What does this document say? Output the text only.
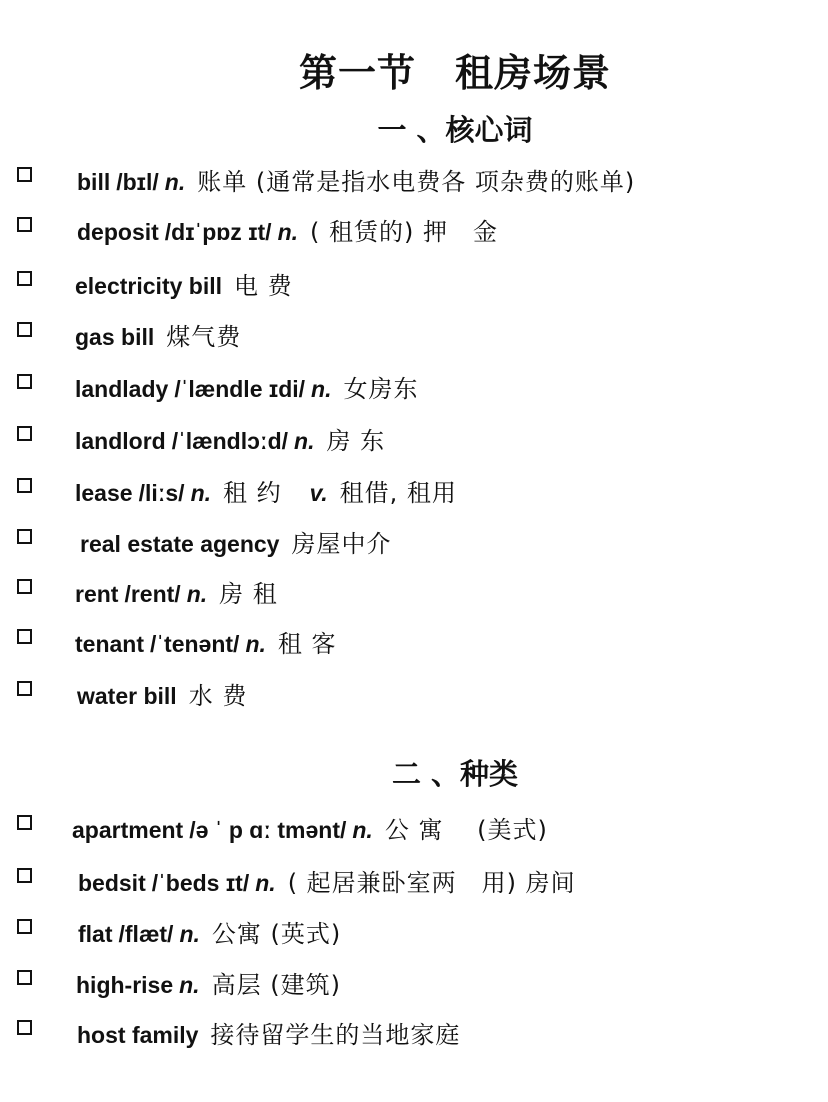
第一节　租房场景
一 、核心词
bill /bɪl/ n. 账单 (通常是指水电费各 项杂费的账单)
deposit /dɪˈpɒz ɪt/ n. ( 租赁的) 押　金
electricity bill 电 费
gas bill 煤气费
landlady /ˈlændle ɪdi/ n. 女房东
landlord /ˈlændlɔːd/ n. 房 东
lease /liːs/ n. 租 约 v. 租借, 租用
real estate agency 房屋中介
rent /rent/ n. 房 租
tenant /ˈtenənt/ n. 租 客
water bill 水 费
二 、种类
apartment /ə ˈ p ɑː tmənt/ n. 公 寓　 (美式)
bedsit /ˈbeds ɪt/ n. ( 起居兼卧室两　用) 房间
flat /flæt/ n. 公寓 (英式)
high-rise n. 高层 (建筑)
host family 接待留学生的当地家庭
